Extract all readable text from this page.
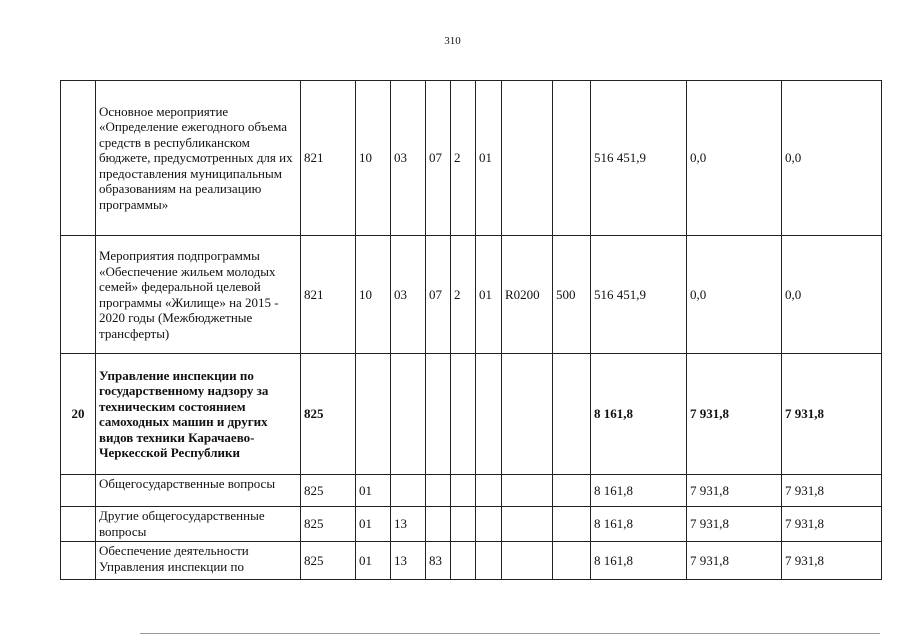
310
	Основное мероприятие «Определение ежегодного объема средств в республиканском бюджете, предусмотренных для их предоставления муниципальным образованиям на реализацию программы»	821	10	03	07	2	01			516 451,9	0,0	0,0
	Мероприятия подпрограммы «Обеспечение жильем молодых семей» федеральной целевой программы «Жилище» на 2015 - 2020 годы (Межбюджетные трансферты)	821	10	03	07	2	01	R0200	500	516 451,9	0,0	0,0
20	Управление инспекции по государственному надзору за техническим состоянием самоходных машин и других видов техники Карачаево-Черкесской Республики	825								8 161,8	7 931,8	7 931,8
	Общегосударственные вопросы	825	01							8 161,8	7 931,8	7 931,8
	Другие общегосударственные вопросы	825	01	13						8 161,8	7 931,8	7 931,8
	Обеспечение деятельности Управления инспекции по	825	01	13	83					8 161,8	7 931,8	7 931,8
